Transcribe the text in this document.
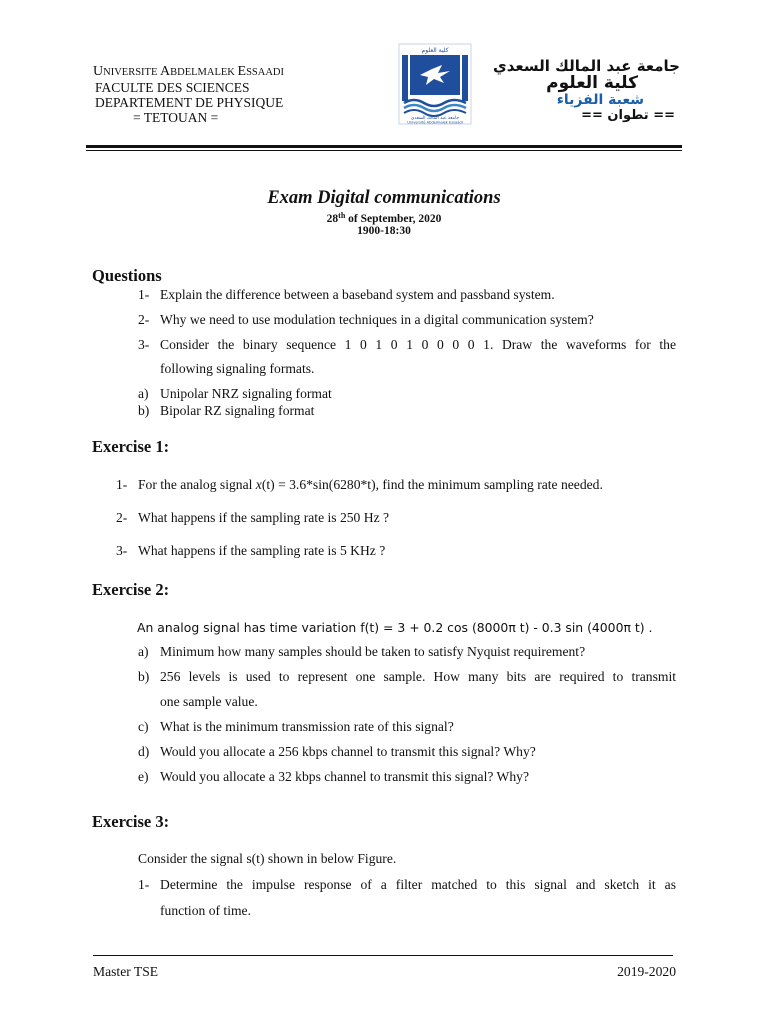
UNIVERSITE ABDELMALEK ESSAADI
FACULTE DES SCIENCES
DEPARTEMENT DE PHYSIQUE
= TETOUAN =
كلية العلوم
جامعة عبد المالك السعدي
Université Abdelmalek Essaâdi
جامعة عبد المالك السعدي
كلية العلوم
شعبة الفزياء
== تطوان ==
Exam Digital communications
28th of September, 2020
1900-18:30
Questions
1- Explain the difference between a baseband system and passband system.
2- Why we need to use modulation techniques in a digital communication system?
3- Consider the binary sequence 1 0 1 0 1 0 0 0 0 1. Draw the waveforms for the
following signaling formats.
a) Unipolar NRZ signaling format
b) Bipolar RZ signaling format
Exercise 1:
1- For the analog signal x(t) = 3.6*sin(6280*t), find the minimum sampling rate needed.
2- What happens if the sampling rate is 250 Hz ?
3- What happens if the sampling rate is 5 KHz ?
Exercise 2:
An analog signal has time variation f(t) = 3 + 0.2 cos (8000π t) - 0.3 sin (4000π t) .
a) Minimum how many samples should be taken to satisfy Nyquist requirement?
b) 256 levels is used to represent one sample. How many bits are required to transmit
one sample value.
c) What is the minimum transmission rate of this signal?
d) Would you allocate a 256 kbps channel to transmit this signal? Why?
e) Would you allocate a 32 kbps channel to transmit this signal? Why?
Exercise 3:
Consider the signal s(t) shown in below Figure.
1- Determine the impulse response of a filter matched to this signal and sketch it as
function of time.
Master TSE	2019-2020
